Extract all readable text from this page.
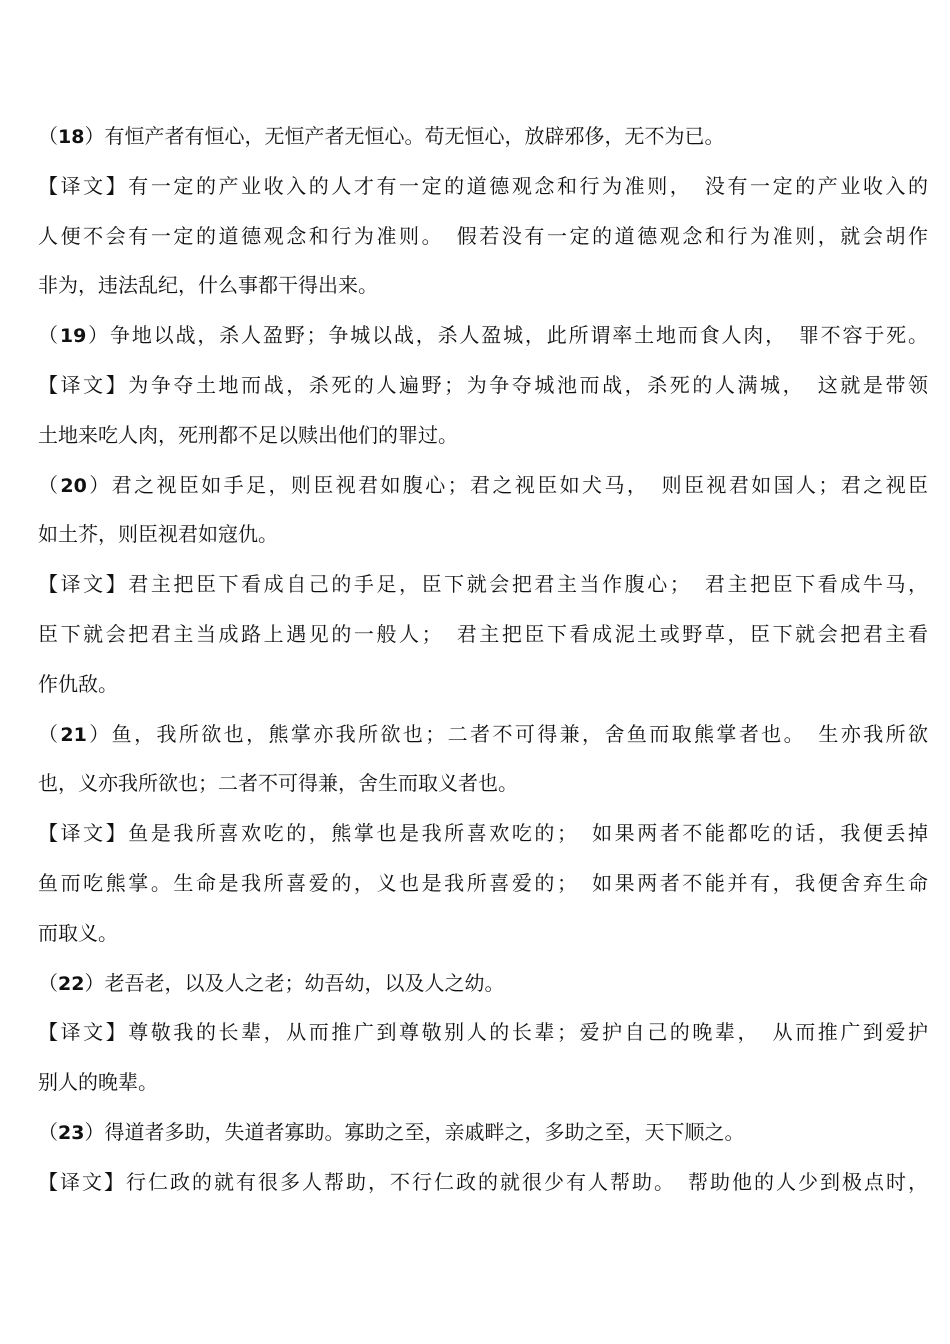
（18）有恒产者有恒心，无恒产者无恒心。苟无恒心，放辟邪侈，无不为已。
【译文】有一定的产业收入的人才有一定的道德观念和行为准则，　没有一定的产业收入的
人便不会有一定的道德观念和行为准则。　假若没有一定的道德观念和行为准则，就会胡作
非为，违法乱纪，什么事都干得出来。
（19）争地以战，杀人盈野；争城以战，杀人盈城，此所谓率土地而食人肉，　罪不容于死。
【译文】为争夺土地而战，杀死的人遍野；为争夺城池而战，杀死的人满城，　这就是带领
土地来吃人肉，死刑都不足以赎出他们的罪过。
（20）君之视臣如手足，则臣视君如腹心；君之视臣如犬马，　则臣视君如国人；君之视臣
如土芥，则臣视君如寇仇。
【译文】君主把臣下看成自己的手足，臣下就会把君主当作腹心；　君主把臣下看成牛马，
臣下就会把君主当成路上遇见的一般人；　君主把臣下看成泥土或野草，臣下就会把君主看
作仇敌。
（21）鱼，我所欲也，熊掌亦我所欲也；二者不可得兼，舍鱼而取熊掌者也。　生亦我所欲
也，义亦我所欲也；二者不可得兼，舍生而取义者也。
【译文】鱼是我所喜欢吃的，熊掌也是我所喜欢吃的；　如果两者不能都吃的话，我便丢掉
鱼而吃熊掌。生命是我所喜爱的，义也是我所喜爱的；　如果两者不能并有，我便舍弃生命
而取义。
（22）老吾老，以及人之老；幼吾幼，以及人之幼。
【译文】尊敬我的长辈，从而推广到尊敬别人的长辈；爱护自己的晚辈，　从而推广到爱护
别人的晚辈。
（23）得道者多助，失道者寡助。寡助之至，亲戚畔之，多助之至，天下顺之。
【译文】行仁政的就有很多人帮助，不行仁政的就很少有人帮助。　帮助他的人少到极点时，
